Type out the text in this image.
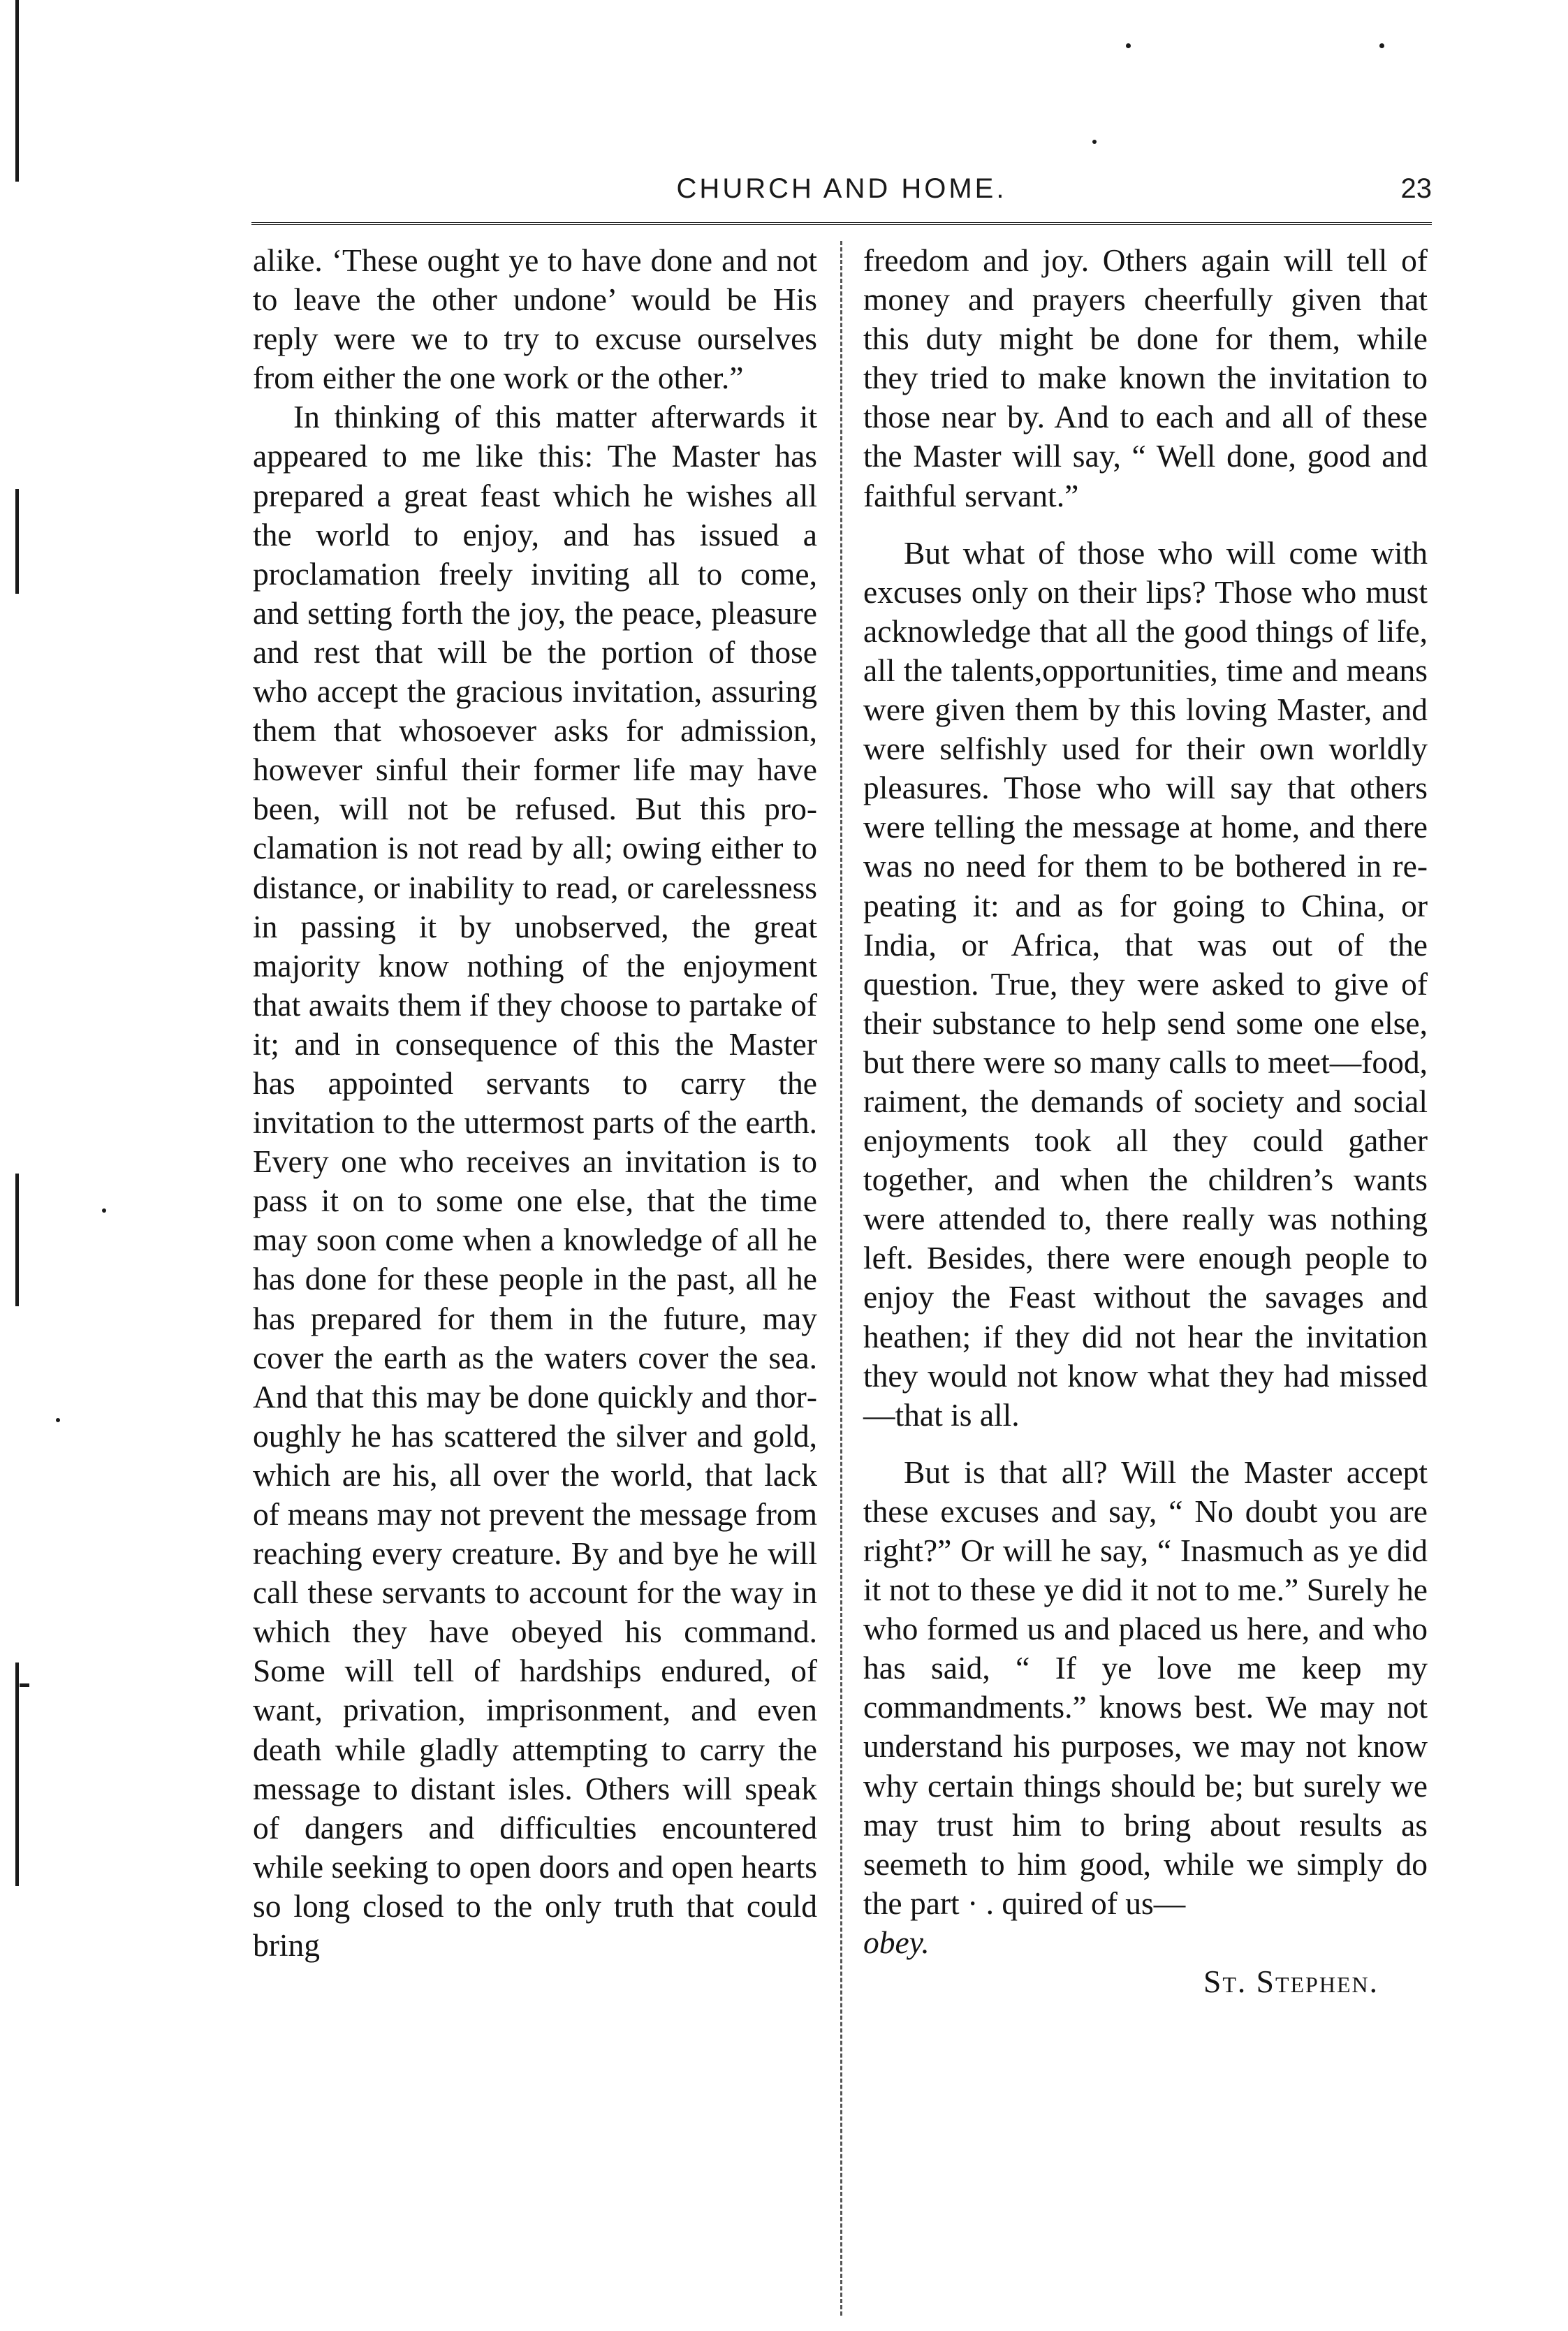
CHURCH AND HOME.	23

alike. ‘These ought ye to have done and not to leave the other undone’ would be His reply were we to try to excuse ourselves from either the one work or the other.”

In thinking of this matter afterwards it appeared to me like this: The Master has prepared a great feast which he wishes all the world to enjoy, and has issued a proclamation freely inviting all to come, and setting forth the joy, the peace, pleasure and rest that will be the portion of those who accept the gracious invitation, assuring them that whosoever asks for admission, however sinful their former life may have been, will not be refused. But this proclamation is not read by all; owing either to distance, or inability to read, or carelessness in passing it by unobserved, the great majority know nothing of the enjoyment that awaits them if they choose to partake of it; and in consequence of this the Master has appointed servants to carry the invitation to the uttermost parts of the earth. Every one who receives an invitation is to pass it on to some one else, that the time may soon come when a knowledge of all he has done for these people in the past, all he has prepared for them in the future, may cover the earth as the waters cover the sea. And that this may be done quickly and thoroughly he has scattered the silver and gold, which are his, all over the world, that lack of means may not prevent the message from reaching every creature. By and bye he will call these servants to account for the way in which they have obeyed his command. Some will tell of hardships endured, of want, privation, imprisonment, and even death while gladly attempting to carry the message to distant isles. Others will speak of dangers and difficulties encountered while seeking to open doors and open hearts so long closed to the only truth that could bring

freedom and joy. Others again will tell of money and prayers cheerfully given that this duty might be done for them, while they tried to make known the invitation to those near by. And to each and all of these the Master will say, “ Well done, good and faithful servant.”

But what of those who will come with excuses only on their lips? Those who must acknowledge that all the good things of life, all the talents,opportunities, time and means were given them by this loving Master, and were selfishly used for their own worldly pleasures. Those who will say that others were telling the message at home, and there was no need for them to be bothered in repeating it: and as for going to China, or India, or Africa, that was out of the question. True, they were asked to give of their substance to help send some one else, but there were so many calls to meet—food, raiment, the demands of society and social enjoyments took all they could gather together, and when the children’s wants were attended to, there really was nothing left. Besides, there were enough people to enjoy the Feast without the savages and heathen; if they did not hear the invitation they would not know what they had missed—that is all.

But is that all? Will the Master accept these excuses and say, “ No doubt you are right?” Or will he say, “ Inasmuch as ye did it not to these ye did it not to me.” Surely he who formed us and placed us here, and who has said, “ If ye love me keep my commandments.” knows best. We may not understand his purposes, we may not know why certain things should be; but surely we may trust him to bring about results as seemeth to him good, while we simply do the part · . quired of us—

obey.

St. Stephen.
